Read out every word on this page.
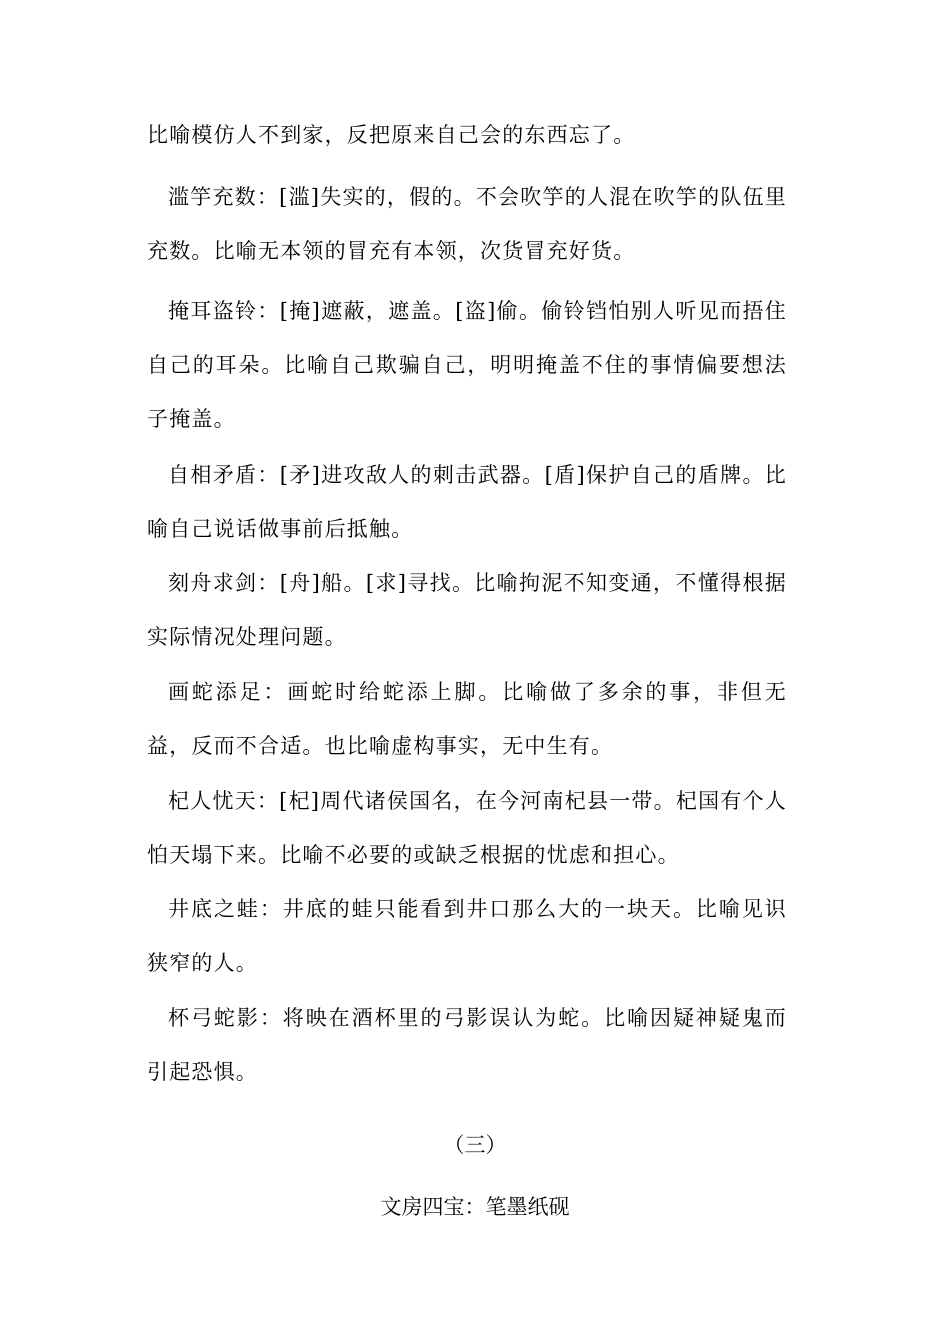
比喻模仿人不到家，反把原来自己会的东西忘了。

滥竽充数：[滥]失实的，假的。不会吹竽的人混在吹竽的队伍里充数。比喻无本领的冒充有本领，次货冒充好货。

掩耳盗铃：[掩]遮蔽，遮盖。[盗]偷。偷铃铛怕别人听见而捂住自己的耳朵。比喻自己欺骗自己，明明掩盖不住的事情偏要想法子掩盖。

自相矛盾：[矛]进攻敌人的刺击武器。[盾]保护自己的盾牌。比喻自己说话做事前后抵触。

刻舟求剑：[舟]船。[求]寻找。比喻拘泥不知变通，不懂得根据实际情况处理问题。

画蛇添足：画蛇时给蛇添上脚。比喻做了多余的事，非但无益，反而不合适。也比喻虚构事实，无中生有。

杞人忧天：[杞]周代诸侯国名，在今河南杞县一带。杞国有个人怕天塌下来。比喻不必要的或缺乏根据的忧虑和担心。

井底之蛙：井底的蛙只能看到井口那么大的一块天。比喻见识狭窄的人。

杯弓蛇影：将映在酒杯里的弓影误认为蛇。比喻因疑神疑鬼而引起恐惧。

（三）

文房四宝：笔墨纸砚
